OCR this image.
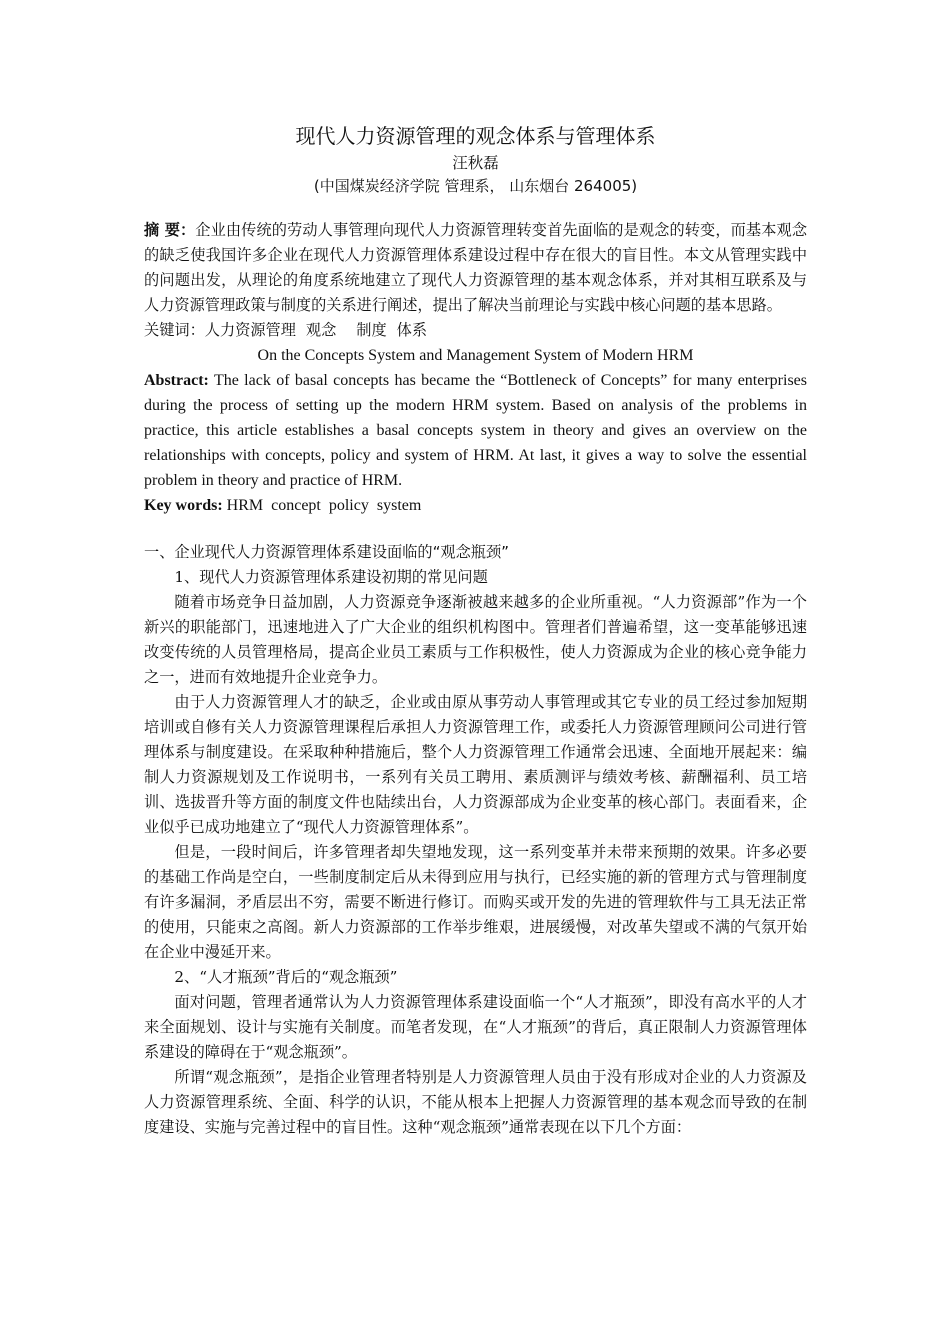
现代人力资源管理的观念体系与管理体系
汪秋磊
(中国煤炭经济学院 管理系， 山东烟台 264005)
摘 要：企业由传统的劳动人事管理向现代人力资源管理转变首先面临的是观念的转变，而基本观念的缺乏使我国许多企业在现代人力资源管理体系建设过程中存在很大的盲目性。本文从管理实践中的问题出发，从理论的角度系统地建立了现代人力资源管理的基本观念体系，并对其相互联系及与人力资源管理政策与制度的关系进行阐述，提出了解决当前理论与实践中核心问题的基本思路。
关键词：人力资源管理 观念 制度 体系
On the Concepts System and Management System of Modern HRM
Abstract: The lack of basal concepts has became the “Bottleneck of Concepts” for many enterprises during the process of setting up the modern HRM system. Based on analysis of the problems in practice, this article establishes a basal concepts system in theory and gives an overview on the relationships with concepts, policy and system of HRM. At last, it gives a way to solve the essential problem in theory and practice of HRM.
Key words: HRM concept policy system
一、企业现代人力资源管理体系建设面临的“观念瓶颈”
1、现代人力资源管理体系建设初期的常见问题
随着市场竞争日益加剧，人力资源竞争逐渐被越来越多的企业所重视。“人力资源部”作为一个新兴的职能部门，迅速地进入了广大企业的组织机构图中。管理者们普遍希望，这一变革能够迅速改变传统的人员管理格局，提高企业员工素质与工作积极性，使人力资源成为企业的核心竞争能力之一，进而有效地提升企业竞争力。
由于人力资源管理人才的缺乏，企业或由原从事劳动人事管理或其它专业的员工经过参加短期培训或自修有关人力资源管理课程后承担人力资源管理工作，或委托人力资源管理顾问公司进行管理体系与制度建设。在采取种种措施后，整个人力资源管理工作通常会迅速、全面地开展起来：编制人力资源规划及工作说明书，一系列有关员工聘用、素质测评与绩效考核、薪酬福利、员工培训、选拔晋升等方面的制度文件也陆续出台，人力资源部成为企业变革的核心部门。表面看来，企业似乎已成功地建立了“现代人力资源管理体系”。
但是，一段时间后，许多管理者却失望地发现，这一系列变革并未带来预期的效果。许多必要的基础工作尚是空白，一些制度制定后从未得到应用与执行，已经实施的新的管理方式与管理制度有许多漏洞，矛盾层出不穷，需要不断进行修订。而购买或开发的先进的管理软件与工具无法正常的使用，只能束之高阁。新人力资源部的工作举步维艰，进展缓慢，对改革失望或不满的气氛开始在企业中漫延开来。
2、“人才瓶颈”背后的“观念瓶颈”
面对问题，管理者通常认为人力资源管理体系建设面临一个“人才瓶颈”，即没有高水平的人才来全面规划、设计与实施有关制度。而笔者发现，在“人才瓶颈”的背后，真正限制人力资源管理体系建设的障碍在于“观念瓶颈”。
所谓“观念瓶颈”，是指企业管理者特别是人力资源管理人员由于没有形成对企业的人力资源及人力资源管理系统、全面、科学的认识，不能从根本上把握人力资源管理的基本观念而导致的在制度建设、实施与完善过程中的盲目性。这种“观念瓶颈”通常表现在以下几个方面：
